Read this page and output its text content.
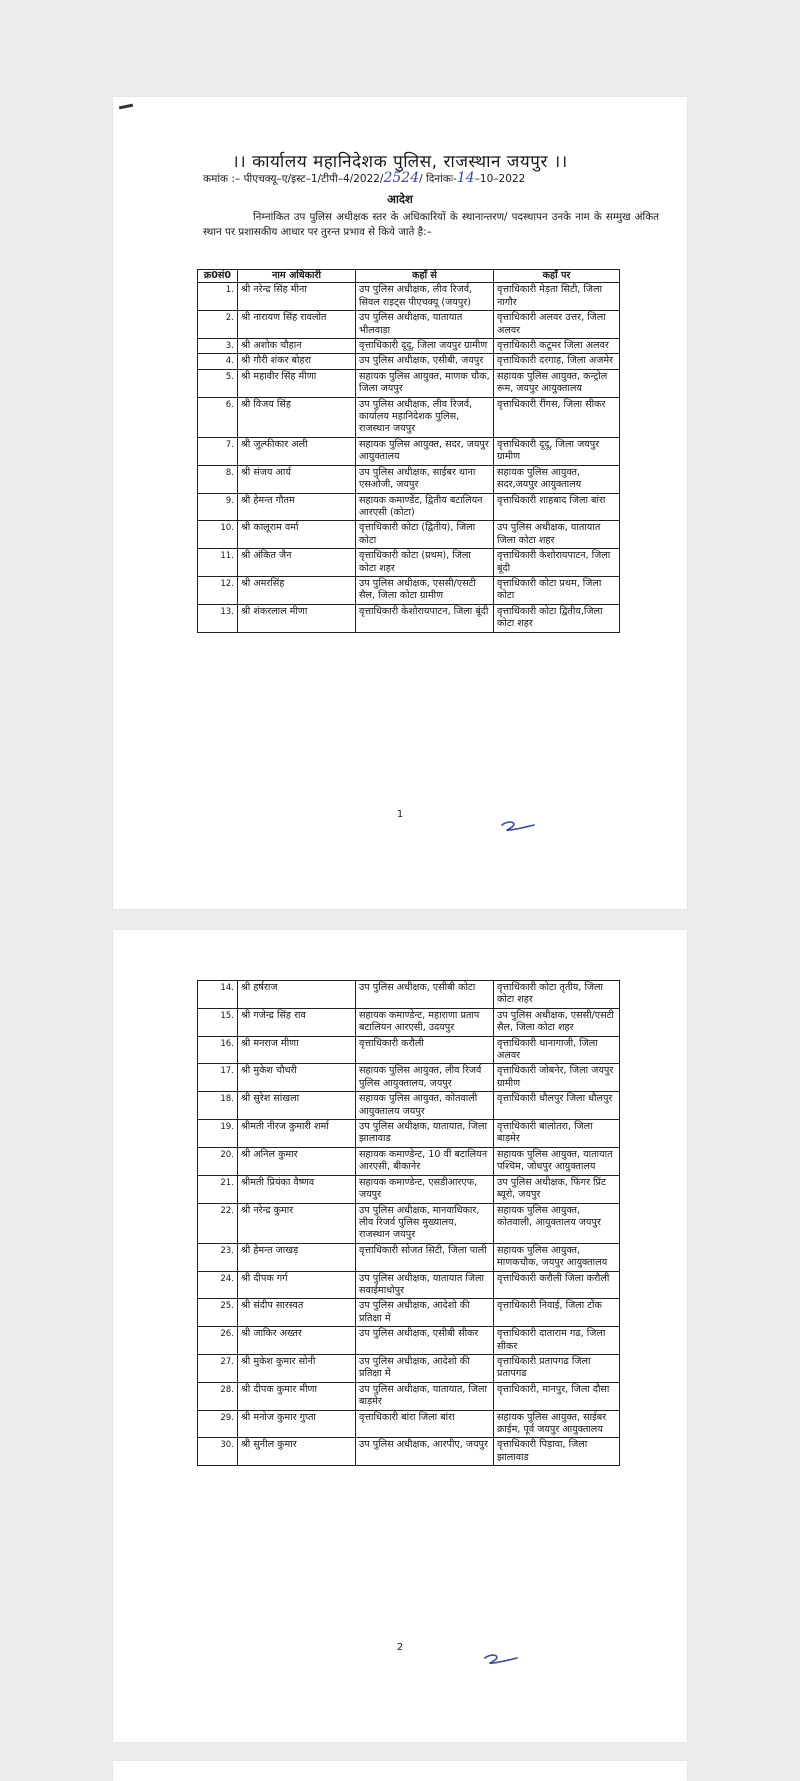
।। कार्यालय महानिदेशक पुलिस, राजस्थान जयपुर ।।
कमांक :– पीएचक्यू–ए/इस्ट–1/टीपी–4/2022/2524/ दिनांकः-14–10–2022
आदेश
निम्नांकित उप पुलिस अधीक्षक स्तर के अधिकारियों के स्थानान्तरण/ पदस्थापन उनके नाम के सम्मुख अंकित स्थान पर प्रशासकीय आधार पर तुरन्त प्रभाव से किये जाते है:–
क्र0सं0	नाम अधिकारी	कहाँ से	कहाँ पर
1.	श्री नरेन्द्र सिंह मीना	उप पुलिस अधीक्षक, लीव रिजर्व, सिवल राइट्स पीएचक्यू (जयपुर)	वृत्ताधिकारी मेड़ता सिटी, जिला नागौर
2.	श्री नारायण सिंह रावलोत	उप पुलिस अधीक्षक, यातायात भीलवाड़ा	वृत्ताधिकारी अलवर उत्तर, जिला अलवर
3.	श्री अशोक चौहान	वृत्ताधिकारी दूदू, जिला जयपुर ग्रामीण	वृत्ताधिकारी कटूमर जिला अलवर
4.	श्री गौरी शंकर बोहरा	उप पुलिस अधीक्षक, एसीबी, जयपुर	वृत्ताधिकारी दरगाह, जिला अजमेर
5.	श्री महावीर सिंह मीणा	सहायक पुलिस आयुक्त, माणक चौक, जिला जयपुर	सहायक पुलिस आयुक्त, कन्ट्रोल रूम, जयपुर आयुक्तालय
6.	श्री विजय सिंह	उप पुलिस अधीक्षक, लीव रिजर्व, कार्यालय महानिदेशक पुलिस, राजस्थान जयपुर	वृत्ताधिकारी रींगस, जिला सीकर
7.	श्री जुल्फीकार अली	सहायक पुलिस आयुक्त, सदर, जयपुर आयुक्तालय	वृत्ताधिकारी दूदू, जिला जयपुर ग्रामीण
8.	श्री संजय आर्य	उप पुलिस अधीक्षक, साईबर थाना एसओजी, जयपुर	सहायक पुलिस आयुक्त, सदर,जयपुर आयुक्तालय
9.	श्री हेमन्त गौतम	सहायक कमाण्डेंट, द्वितीय बटालियन आरएसी (कोटा)	वृत्ताधिकारी शाहबाद जिला बांरा
10.	श्री कालूराम वर्मा	वृत्ताधिकारी कोटा (द्वितीय), जिला कोटा	उप पुलिस अधीक्षक, यातायात जिला कोटा शहर
11.	श्री अंकित जैन	वृत्ताधिकारी कोटा (प्रथम), जिला कोटा शहर	वृत्ताधिकारी केशोरायपाटन, जिला बूंदी
12.	श्री अमरसिंह	उप पुलिस अधीक्षक, एससी/एसटी सैल, जिला कोटा ग्रामीण	वृत्ताधिकारी कोटा प्रथम, जिला कोटा
13.	श्री शंकरलाल मीणा	वृत्ताधिकारी केशोरायपाटन, जिला बूंदी	वृत्ताधिकारी कोटा द्वितीय,जिला कोटा शहर
1
14.	श्री हर्षराज	उप पुलिस अधीक्षक, एसीबी कोटा	वृत्ताधिकारी कोटा तृतीय, जिला कोटा शहर
15.	श्री गजेन्द्र सिंह राव	सहायक कमाण्डेन्ट, महाराणा प्रताप बटालियन आरएसी, उदयपुर	उप पुलिस अधीक्षक, एससी/एसटी सैल, जिला कोटा शहर
16.	श्री मनराज मीणा	वृत्ताधिकारी करौली	वृत्ताधिकारी थानागाजी, जिला अलवर
17.	श्री मुकेश चौधरी	सहायक पुलिस आयुक्त, लीव रिजर्व पुलिस आयुक्तालय, जयपुर	वृत्ताधिकारी जोबनेर, जिला जयपुर ग्रामीण
18.	श्री सुरेश सांखला	सहायक पुलिस आयुक्त, कोतवाली आयुक्तालय जयपुर	वृत्ताधिकारी धौलपुर जिला धौलपुर
19.	श्रीमती नीरज कुमारी शर्मा	उप पुलिस अधीक्षक, यातायात, जिला झालावाड	वृत्ताधिकारी बालोतरा, जिला बाड़मेर
20.	श्री अनिल कुमार	सहायक कमाण्डेन्ट, 10 वीं बटालियन आरएसी, बीकानेर	सहायक पुलिस आयुक्त, यातायात पश्चिम, जोधपुर आयुक्तालय
21.	श्रीमती प्रियंका वैष्णव	सहायक कमाण्डेन्ट, एसडीआरएफ, जयपुर	उप पुलिस अधीक्षक, फिंगर प्रिंट ब्यूरो, जयपुर
22.	श्री नरेन्द्र कुमार	उप पुलिस अधीक्षक, मानवाधिकार, लीव रिजर्व पुलिस मुख्यालय, राजस्थान जयपुर	सहायक पुलिस आयुक्त, कोतवाली, आयुक्तालय जयपुर
23.	श्री हेमन्त जाखड़	वृत्ताधिकारी सोजत सिटी, जिला पाली	सहायक पुलिस आयुक्त, माणकचौक, जयपुर आयुक्तालय
24.	श्री दीपक गर्ग	उप पुलिस अधीक्षक, यातायात जिला सवाईमाधोपुर	वृत्ताधिकारी करौली जिला करौली
25.	श्री संदीप सारस्वत	उप पुलिस अधीक्षक, आदेशो की प्रतिक्षा में	वृत्ताधिकारी निवाई, जिला टोंक
26.	श्री जाकिर अख्तर	उप पुलिस अधीक्षक, एसीबी सीकर	वृत्ताधिकारी दाताराम गढ, जिला सीकर
27.	श्री मुकेश कुमार सोनी	उप पुलिस अधीक्षक, आदेशो की प्रतिक्षा में	वृत्ताधिकारी प्रतापगढ जिला प्रतापगढ
28.	श्री दीपक कुमार मीणा	उप पुलिस अधीक्षक, यातायात, जिला बाड़मेर	वृत्ताधिकारी, मानपुर, जिला दौसा
29.	श्री मनोज कुमार गुप्ता	वृत्ताधिकारी बांरा जिला बांरा	सहायक पुलिस आयुक्त, साईबर क्राईम, पूर्व जयपुर आयुक्तालय
30.	श्री सुनील कुमार	उप पुलिस अधीक्षक, आरपीए, जयपुर	वृत्ताधिकारी पिड़ावा, जिला झालावाड
2
